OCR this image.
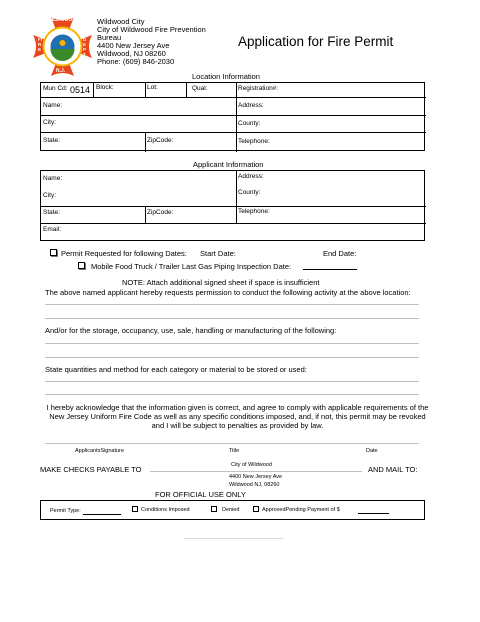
WILDWOOD
FIRE
DEPT
N.J.
Wildwood City
City of Wildwood Fire Prevention
Bureau
4400 New Jersey Ave
Wildwood, NJ 08260
Phone: (609) 846-2030
Application for Fire Permit
Location Information
Mun Cd: 0514 Block:	Lot:	Qual:	Registration#:
Name:	Address:
City:	County:
State:	ZipCode:	Telephone:
Applicant Information
Name:	Address:
City:	County:
State:	ZipCode:	Telephone:
Email:
Permit Requested for following Dates: Start Date:	End Date:
Mobile Food Truck / Trailer Last Gas Piping Inspection Date:
NOTE: Attach additional signed sheet if space is insufficient
The above named applicant hereby requests permission to conduct the following activity at the above location:
And/or for the storage, occupancy, use, sale, handling or manufacturing of the following:
State quantities and method for each category or material to be stored or used:
I hereby acknowledge that the information given is correct, and agree to comply with applicable requirements of the New Jersey Uniform Fire Code as well as any specific conditions imposed, and, if not, this permit may be revoked and I will be subject to penalties as provided by law.
ApplicantsSignature	Title	Date
MAKE CHECKS PAYABLE TO	City of Wildwood	AND MAIL TO:
4400 New Jersey Ave
Wildwood NJ, 08260
FOR OFFICIAL USE ONLY
Permit Type:	Conditions Imposed	Denied	ApprovedPending Payment of $
